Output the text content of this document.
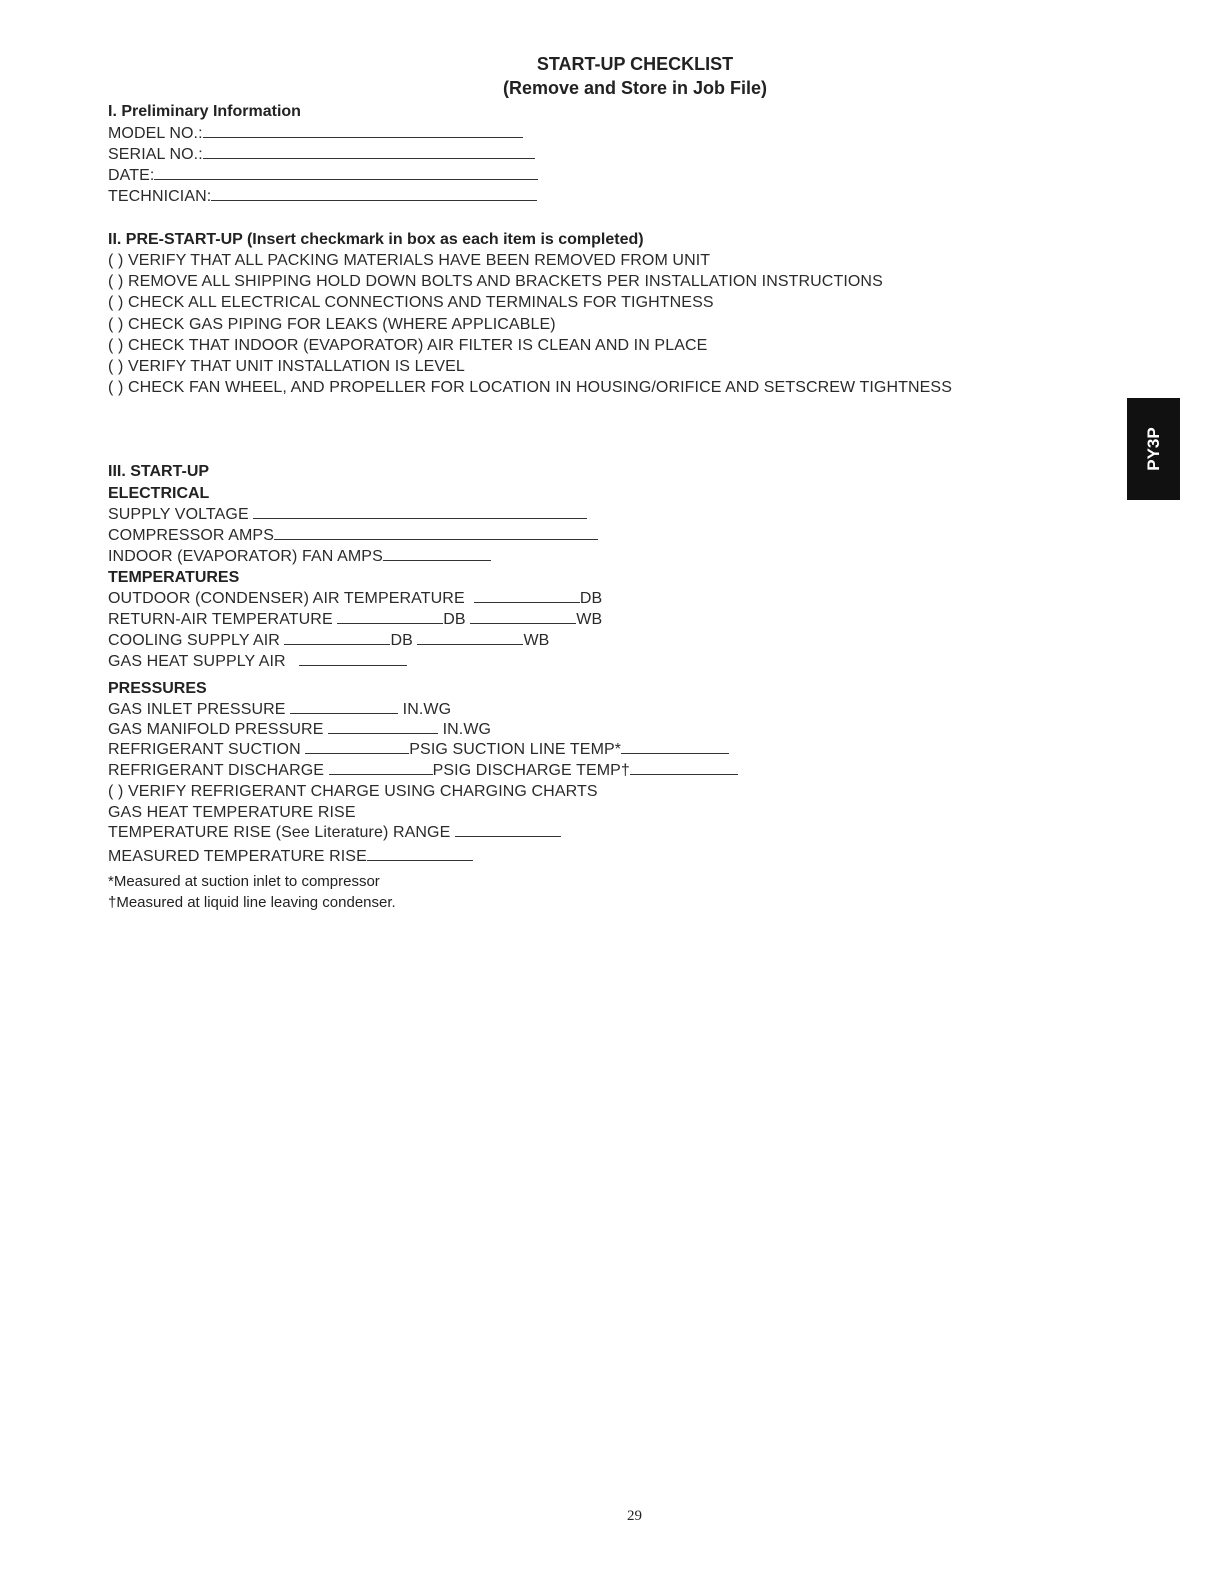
START-UP CHECKLIST
(Remove and Store in Job File)
I. Preliminary Information
MODEL NO.:
SERIAL NO.:
DATE:
TECHNICIAN:
II. PRE-START-UP (Insert checkmark in box as each item is completed)
( ) VERIFY THAT ALL PACKING MATERIALS HAVE BEEN REMOVED FROM UNIT
( ) REMOVE ALL SHIPPING HOLD DOWN BOLTS AND BRACKETS PER INSTALLATION INSTRUCTIONS
( ) CHECK ALL ELECTRICAL CONNECTIONS AND TERMINALS FOR TIGHTNESS
( ) CHECK GAS PIPING FOR LEAKS (WHERE APPLICABLE)
( ) CHECK THAT INDOOR (EVAPORATOR) AIR FILTER IS CLEAN AND IN PLACE
( ) VERIFY THAT UNIT INSTALLATION IS LEVEL
( ) CHECK FAN WHEEL, AND PROPELLER FOR LOCATION IN HOUSING/ORIFICE AND SETSCREW TIGHTNESS
III. START-UP
ELECTRICAL
SUPPLY VOLTAGE
COMPRESSOR AMPS
INDOOR (EVAPORATOR) FAN AMPS
TEMPERATURES
OUTDOOR (CONDENSER) AIR TEMPERATURE	DB
RETURN-AIR TEMPERATURE	DB	WB
COOLING SUPPLY AIR	DB	WB
GAS HEAT SUPPLY AIR
PRESSURES
GAS INLET PRESSURE	IN.WG
GAS MANIFOLD PRESSURE	IN.WG
REFRIGERANT SUCTION	PSIG SUCTION LINE TEMP*
REFRIGERANT DISCHARGE	PSIG DISCHARGE TEMP†
( ) VERIFY REFRIGERANT CHARGE USING CHARGING CHARTS
GAS HEAT TEMPERATURE RISE
TEMPERATURE RISE (See Literature) RANGE
MEASURED TEMPERATURE RISE
*Measured at suction inlet to compressor
†Measured at liquid line leaving condenser.
PY3P
29
